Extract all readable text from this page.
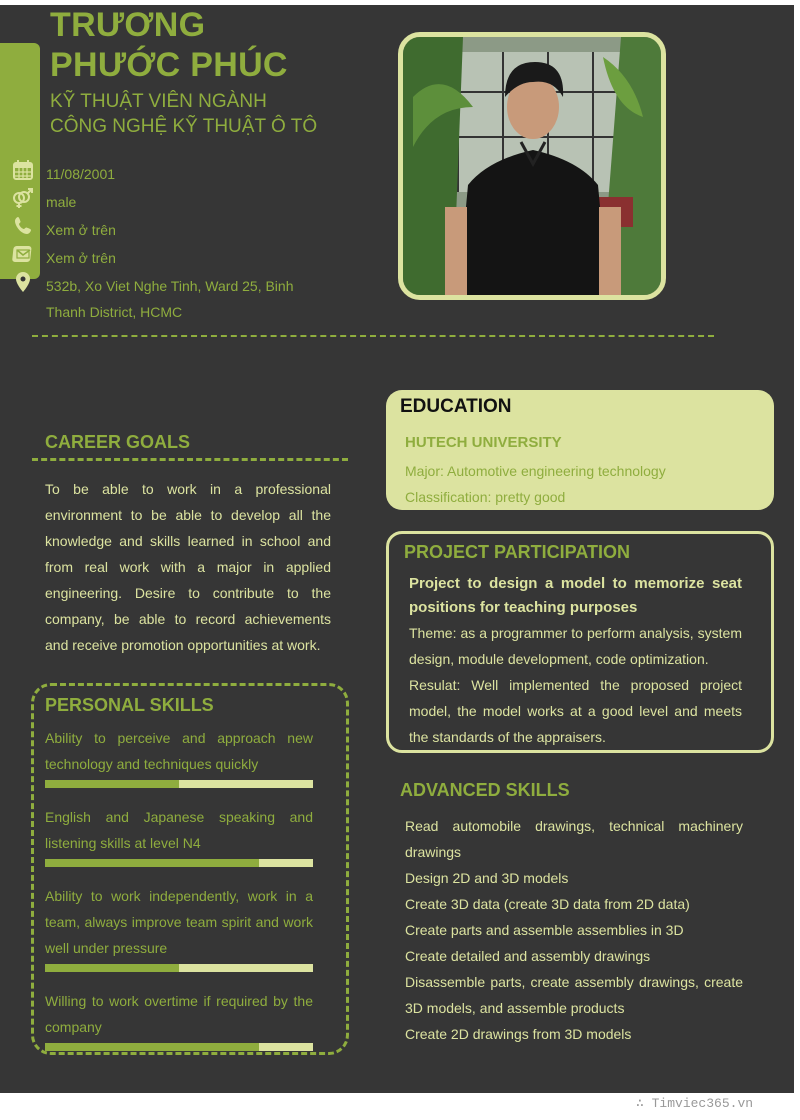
TRƯƠNG
PHƯỚC PHÚC
KỸ THUẬT VIÊN NGÀNH
CÔNG NGHỆ KỸ THUẬT Ô TÔ
11/08/2001
male
Xem ở trên
Xem ở trên
532b, Xo Viet Nghe Tinh, Ward 25, Binh Thanh District, HCMC
CAREER GOALS

To be able to work in a professional environment to be able to develop all the knowledge and skills learned in school and from real work with a major in applied engineering. Desire to contribute to the company, be able to record achievements and receive promotion opportunities at work.

PERSONAL SKILLS

Ability to perceive and approach new technology and techniques quickly

English and Japanese speaking and listening skills at level N4

Ability to work independently, work in a team, always improve team spirit and work well under pressure

Willing to work overtime if required by the company

EDUCATION

HUTECH UNIVERSITY

Major: Automotive engineering technology

Classification: pretty good

PROJECT PARTICIPATION

Project to design a model to memorize seat positions for teaching purposes

Theme: as a programmer to perform analysis, system design, module development, code optimization.

Resulat: Well implemented the proposed project model, the model works at a good level and meets the standards of the appraisers.

ADVANCED SKILLS
Read automobile drawings, technical machinery drawings
Design 2D and 3D models
Create 3D data (create 3D data from 2D data)
Create parts and assemble assemblies in 3D
Create detailed and assembly drawings
Disassemble parts, create assembly drawings, create 3D models, and assemble products
Create 2D drawings from 3D models
∴ Timviec365.vn
